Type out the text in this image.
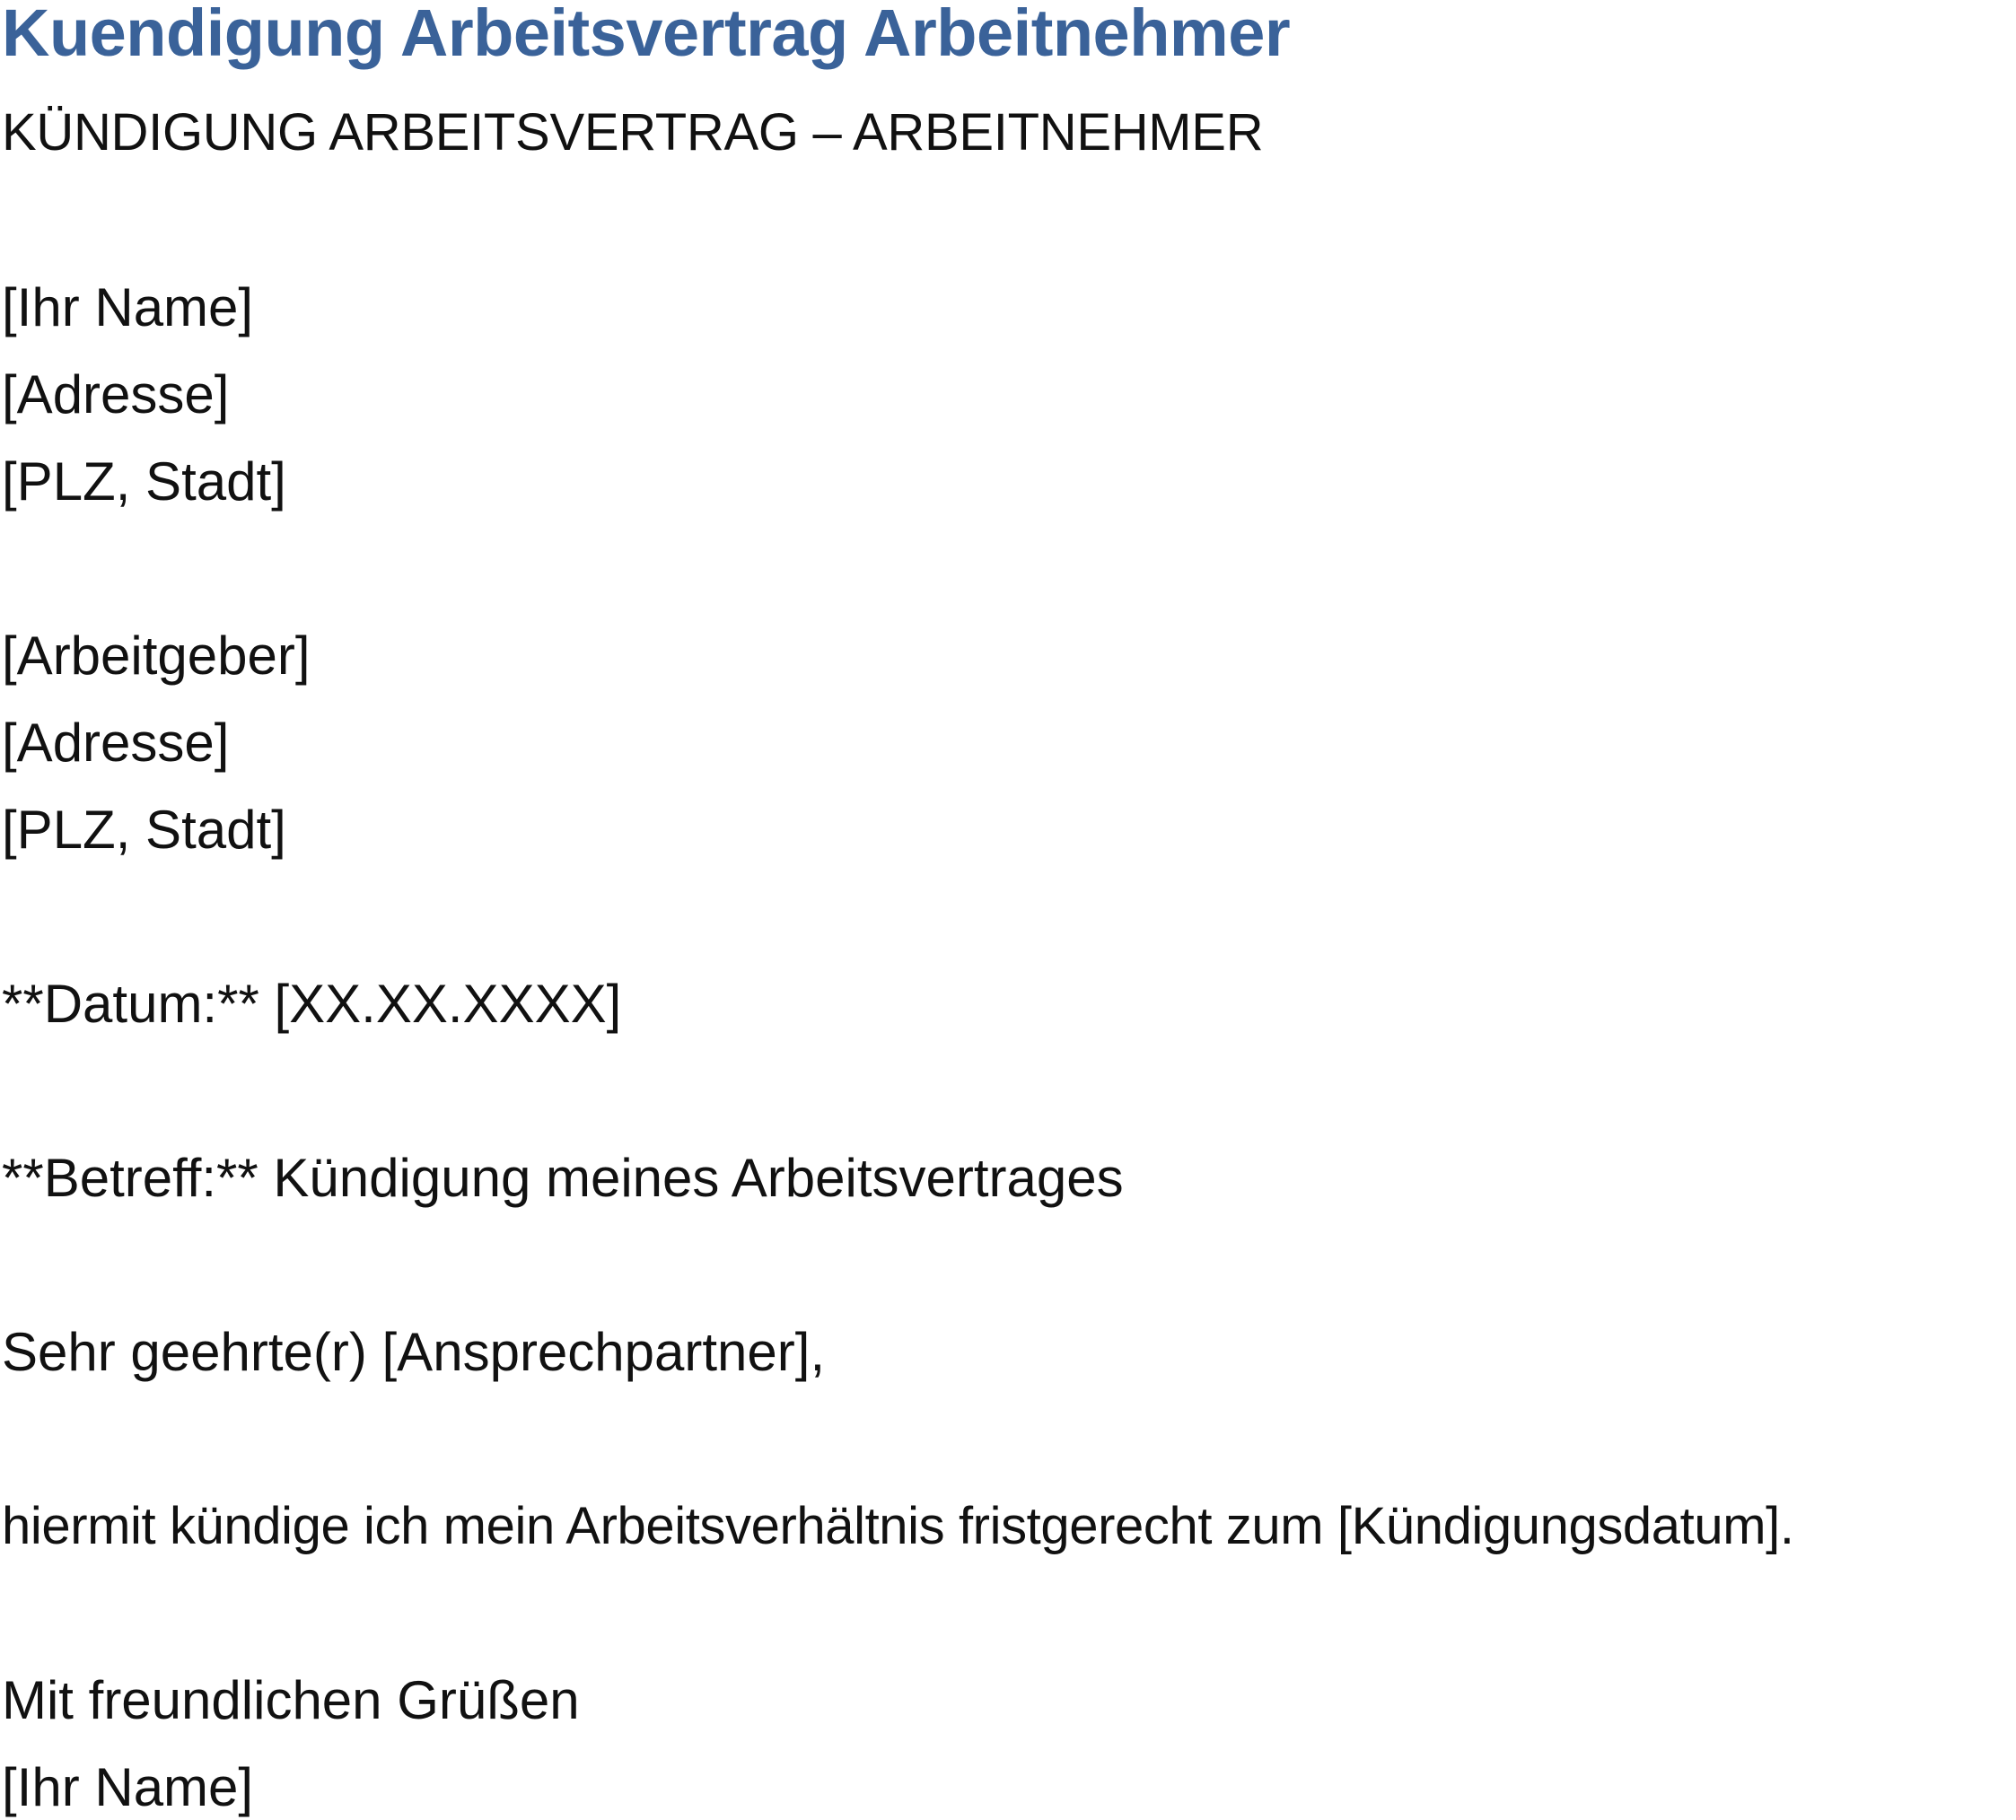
Kuendigung Arbeitsvertrag Arbeitnehmer

KÜNDIGUNG ARBEITSVERTRAG – ARBEITNEHMER

[Ihr Name]

[Adresse]

[PLZ, Stadt]

[Arbeitgeber]

[Adresse]

[PLZ, Stadt]

**Datum:** [XX.XX.XXXX]

**Betreff:** Kündigung meines Arbeitsvertrages

Sehr geehrte(r) [Ansprechpartner],

hiermit kündige ich mein Arbeitsverhältnis fristgerecht zum [Kündigungsdatum].

Mit freundlichen Grüßen

[Ihr Name]
